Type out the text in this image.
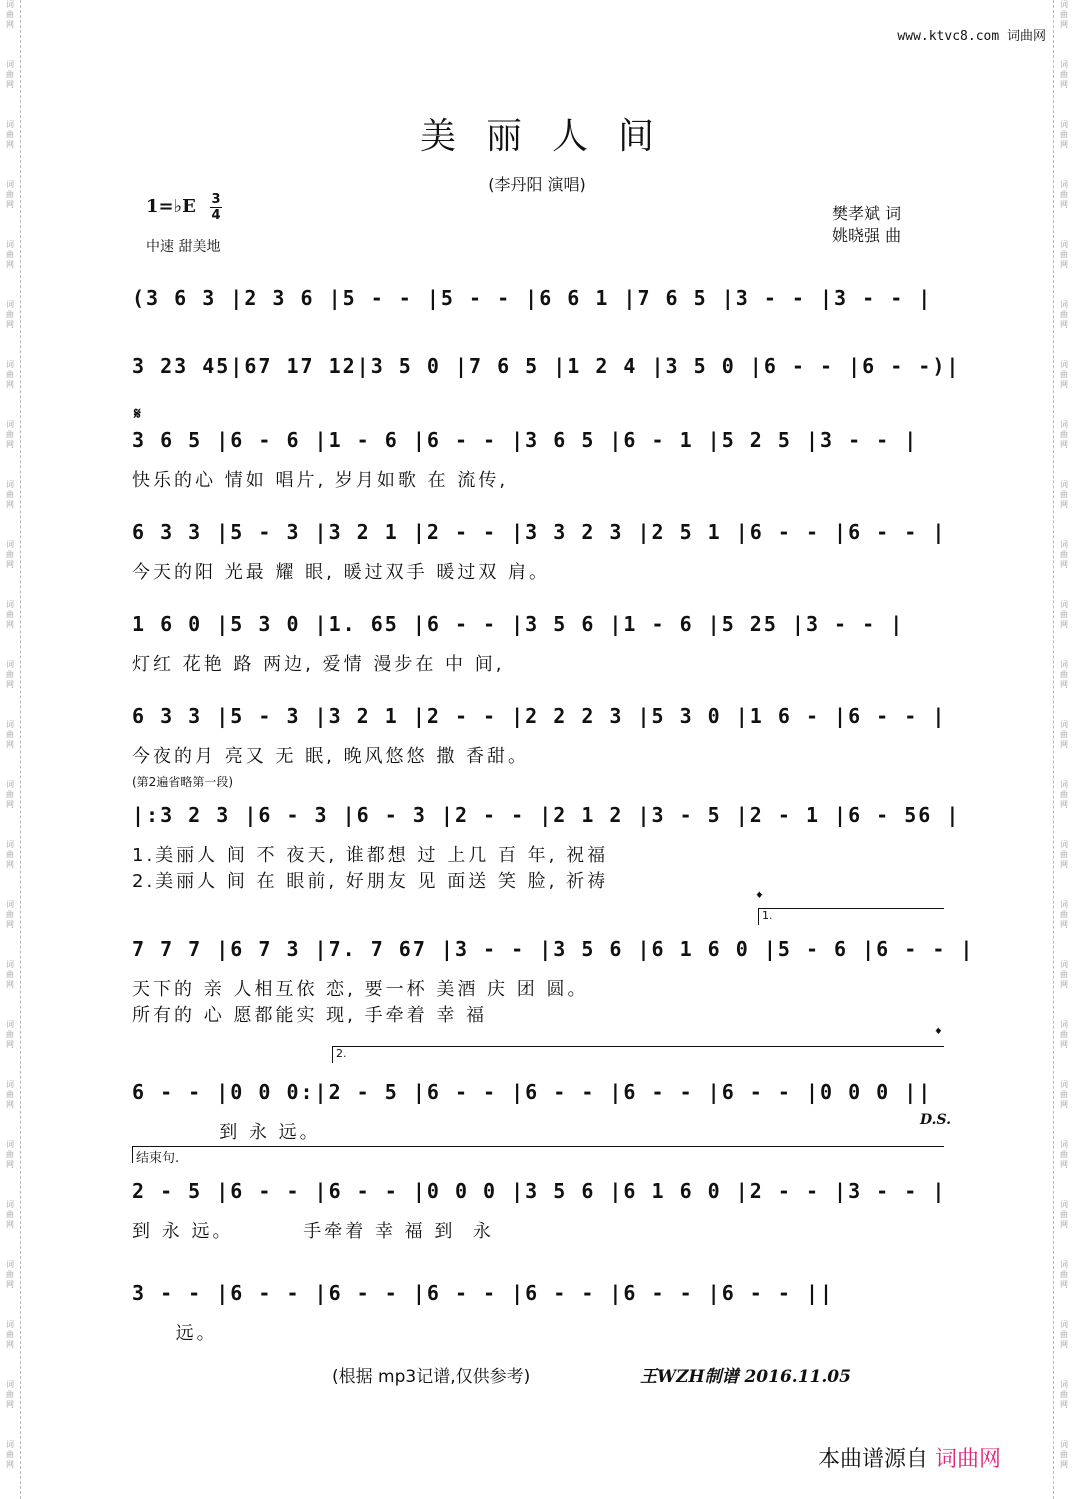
词曲网
词曲网
词曲网
词曲网
词曲网
词曲网
词曲网
词曲网
词曲网
词曲网
词曲网
词曲网
词曲网
词曲网
词曲网
词曲网
词曲网
词曲网
词曲网
词曲网
词曲网
词曲网
词曲网
词曲网
词曲网
词曲网
词曲网
词曲网
词曲网
词曲网
词曲网
词曲网
词曲网
词曲网
词曲网
词曲网
词曲网
词曲网
词曲网
词曲网
词曲网
词曲网
词曲网
词曲网
词曲网
词曲网
词曲网
词曲网
词曲网
词曲网
www.ktvc8.com 词曲网
美丽人间
(李丹阳 演唱)
1=♭E 3
4
中速 甜美地
樊孝斌 词
姚晓强 曲
(3 6 3 |2 3 6 |5 - - |5 - - |6 6 1 |7 6 5 |3 - - |3 - - |
3 23 45|67 17 12|3 5 0 |7 6 5 |1 2 4 |3 5 0 |6 - - |6 - -)|
3 6 5 |6 - 6 |1 - 6 |6 - - |3 6 5 |6 - 1 |5 2 5 |3 - - |
快乐的心 情如 唱片, 岁月如歌 在 流传,
6 3 3 |5 - 3 |3 2 1 |2 - - |3 3 2 3 |2 5 1 |6 - - |6 - - |
今天的阳 光最 耀 眼, 暖过双手 暖过双 肩。
1 6 0 |5 3 0 |1. 65 |6 - - |3 5 6 |1 - 6 |5 25 |3 - - |
灯红 花艳 路 两边, 爱情 漫步在 中 间,
6 3 3 |5 - 3 |3 2 1 |2 - - |2 2 2 3 |5 3 0 |1 6 - |6 - - |
今夜的月 亮又 无 眠, 晚风悠悠 撒 香甜。
|:3 2 3 |6 - 3 |6 - 3 |2 - - |2 1 2 |3 - 5 |2 - 1 |6 - 56 |
1.美丽人 间 不 夜天, 谁都想 过 上几 百 年, 祝福
2.美丽人 间 在 眼前, 好朋友 见 面送 笑 脸, 祈祷
7 7 7 |6 7 3 |7. 7 67 |3 - - |3 5 6 |6 1 6 0 |5 - 6 |6 - - |
天下的 亲 人相互依 恋, 要一杯 美酒 庆 团 圆。
所有的 心 愿都能实 现, 手牵着 幸 福
6 - - |0 0 0:|2 - 5 |6 - - |6 - - |6 - - |6 - - |0 0 0 ||
到 永 远。
2 - 5 |6 - - |6 - - |0 0 0 |3 5 6 |6 1 6 0 |2 - - |3 - - |
到 永 远。        手牵着 幸 福 到  永
3 - - |6 - - |6 - - |6 - - |6 - - |6 - - |6 - - ||
远。
𝄋
(第2遍省略第一段)
1.
𝄌
2.
𝄌
D.S.
结束句.
(根据 mp3记谱,仅供参考)	王WZH制谱 2016.11.05
本曲谱源自 词曲网
